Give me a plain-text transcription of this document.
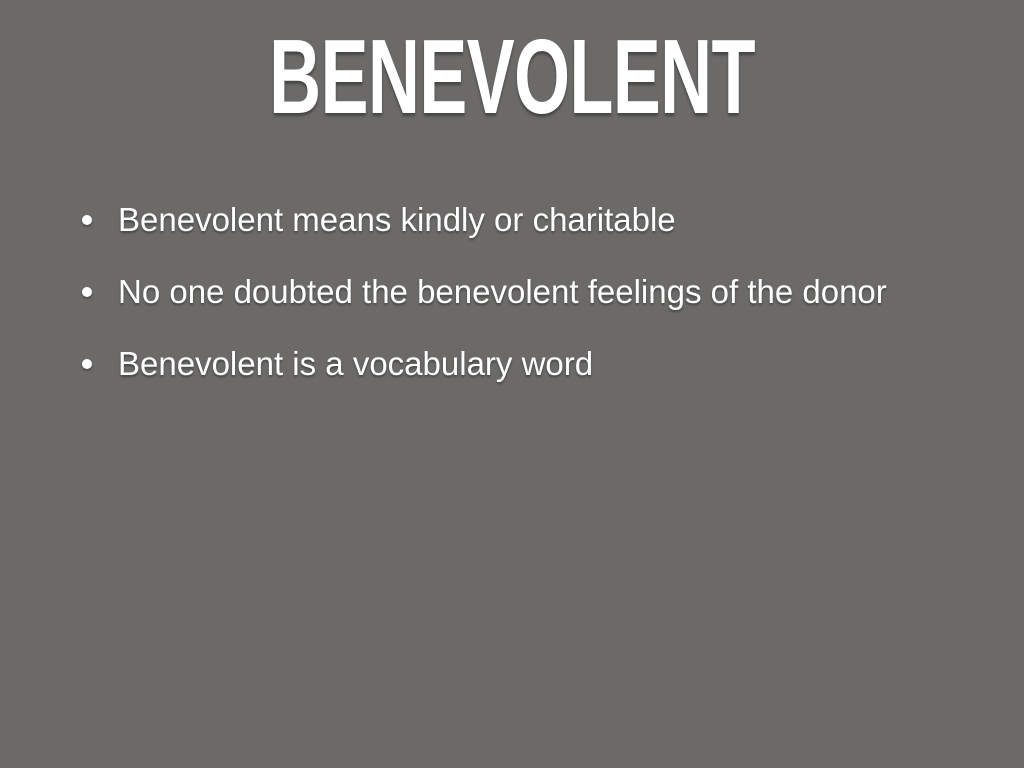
BENEVOLENT
Benevolent means kindly or charitable
No one doubted the benevolent feelings of the donor
Benevolent is a vocabulary word
